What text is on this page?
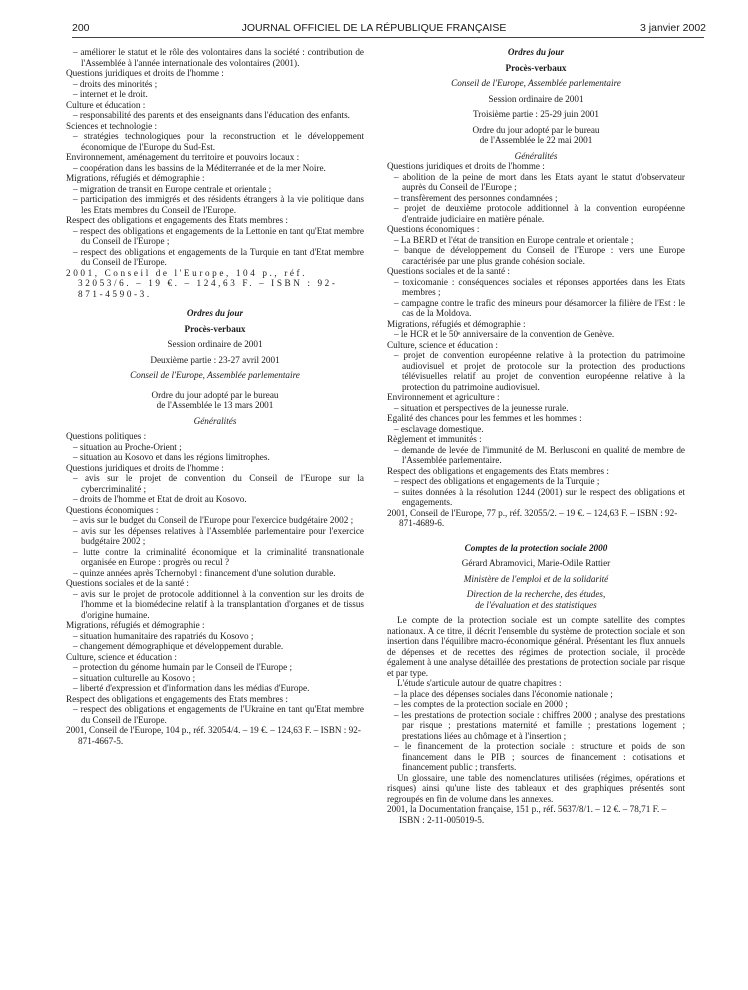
200	JOURNAL OFFICIEL DE LA RÉPUBLIQUE FRANÇAISE	3 janvier 2002

– améliorer le statut et le rôle des volontaires dans la société : contribution de l'Assemblée à l'année internationale des volontaires (2001).

Questions juridiques et droits de l'homme :

– droits des minorités ;

– internet et le droit.

Culture et éducation :

– responsabilité des parents et des enseignants dans l'éducation des enfants.

Sciences et technologie :

– stratégies technologiques pour la reconstruction et le développement économique de l'Europe du Sud-Est.

Environnement, aménagement du territoire et pouvoirs locaux :

– coopération dans les bassins de la Méditerranée et de la mer Noire.

Migrations, réfugiés et démographie :

– migration de transit en Europe centrale et orientale ;

– participation des immigrés et des résidents étrangers à la vie politique dans les Etats membres du Conseil de l'Europe.

Respect des obligations et engagements des Etats membres :

– respect des obligations et engagements de la Lettonie en tant qu'Etat membre du Conseil de l'Europe ;

– respect des obligations et engagements de la Turquie en tant d'Etat membre du Conseil de l'Europe.

2001, Conseil de l'Europe, 104 p., réf. 32053/6. – 19 €. – 124,63 F. – ISBN : 92-871-4590-3.

Ordres du jour

Procès-verbaux

Session ordinaire de 2001

Deuxième partie : 23-27 avril 2001

Conseil de l'Europe, Assemblée parlementaire

Ordre du jour adopté par le bureau

de l'Assemblée le 13 mars 2001

Généralités

Questions politiques :

– situation au Proche-Orient ;

– situation au Kosovo et dans les régions limitrophes.

Questions juridiques et droits de l'homme :

– avis sur le projet de convention du Conseil de l'Europe sur la cybercriminalité ;

– droits de l'homme et Etat de droit au Kosovo.

Questions économiques :

– avis sur le budget du Conseil de l'Europe pour l'exercice budgétaire 2002 ;

– avis sur les dépenses relatives à l'Assemblée parlementaire pour l'exercice budgétaire 2002 ;

– lutte contre la criminalité économique et la criminalité transnationale organisée en Europe : progrès ou recul ?

– quinze années après Tchernobyl : financement d'une solution durable.

Questions sociales et de la santé :

– avis sur le projet de protocole additionnel à la convention sur les droits de l'homme et la biomédecine relatif à la transplantation d'organes et de tissus d'origine humaine.

Migrations, réfugiés et démographie :

– situation humanitaire des rapatriés du Kosovo ;

– changement démographique et développement durable.

Culture, science et éducation :

– protection du génome humain par le Conseil de l'Europe ;

– situation culturelle au Kosovo ;

– liberté d'expression et d'information dans les médias d'Europe.

Respect des obligations et engagements des Etats membres :

– respect des obligations et engagements de l'Ukraine en tant qu'Etat membre du Conseil de l'Europe.

2001, Conseil de l'Europe, 104 p., réf. 32054/4. – 19 €. – 124,63 F. – ISBN : 92-871-4667-5.

Ordres du jour

Procès-verbaux

Conseil de l'Europe, Assemblée parlementaire

Session ordinaire de 2001

Troisième partie : 25-29 juin 2001

Ordre du jour adopté par le bureau

de l'Assemblée le 22 mai 2001

Généralités

Questions juridiques et droits de l'homme :

– abolition de la peine de mort dans les Etats ayant le statut d'observateur auprès du Conseil de l'Europe ;

– transfèrement des personnes condamnées ;

– projet de deuxième protocole additionnel à la convention européenne d'entraide judiciaire en matière pénale.

Questions économiques :

– La BERD et l'état de transition en Europe centrale et orientale ;

– banque de développement du Conseil de l'Europe : vers une Europe caractérisée par une plus grande cohésion sociale.

Questions sociales et de la santé :

– toxicomanie : conséquences sociales et réponses apportées dans les Etats membres ;

– campagne contre le trafic des mineurs pour désamorcer la filière de l'Est : le cas de la Moldova.

Migrations, réfugiés et démographie :

– le HCR et le 50ᵉ anniversaire de la convention de Genève.

Culture, science et éducation :

– projet de convention européenne relative à la protection du patrimoine audiovisuel et projet de protocole sur la protection des productions télévisuelles relatif au projet de convention européenne relative à la protection du patrimoine audiovisuel.

Environnement et agriculture :

– situation et perspectives de la jeunesse rurale.

Egalité des chances pour les femmes et les hommes :

– esclavage domestique.

Règlement et immunités :

– demande de levée de l'immunité de M. Berlusconi en qualité de membre de l'Assemblée parlementaire.

Respect des obligations et engagements des Etats membres :

– respect des obligations et engagements de la Turquie ;

– suites données à la résolution 1244 (2001) sur le respect des obligations et engagements.

2001, Conseil de l'Europe, 77 p., réf. 32055/2. – 19 €. – 124,63 F. – ISBN : 92-871-4689-6.

Comptes de la protection sociale 2000

Gérard Abramovici, Marie-Odile Rattier

Ministère de l'emploi et de la solidarité

Direction de la recherche, des études,

de l'évaluation et des statistiques

Le compte de la protection sociale est un compte satellite des comptes nationaux. A ce titre, il décrit l'ensemble du système de protection sociale et son insertion dans l'équilibre macro-économique général. Présentant les flux annuels de dépenses et de recettes des régimes de protection sociale, il procède également à une analyse détaillée des prestations de protection sociale par risque et par type.

L'étude s'articule autour de quatre chapitres :

– la place des dépenses sociales dans l'économie nationale ;

– les comptes de la protection sociale en 2000 ;

– les prestations de protection sociale : chiffres 2000 ; analyse des prestations par risque ; prestations maternité et famille ; prestations logement ; prestations liées au chômage et à l'insertion ;

– le financement de la protection sociale : structure et poids de son financement dans le PIB ; sources de financement : cotisations et financement public ; transferts.

Un glossaire, une table des nomenclatures utilisées (régimes, opérations et risques) ainsi qu'une liste des tableaux et des graphiques présentés sont regroupés en fin de volume dans les annexes.

2001, la Documentation française, 151 p., réf. 5637/8/1. – 12 €. – 78,71 F. – ISBN : 2-11-005019-5.
